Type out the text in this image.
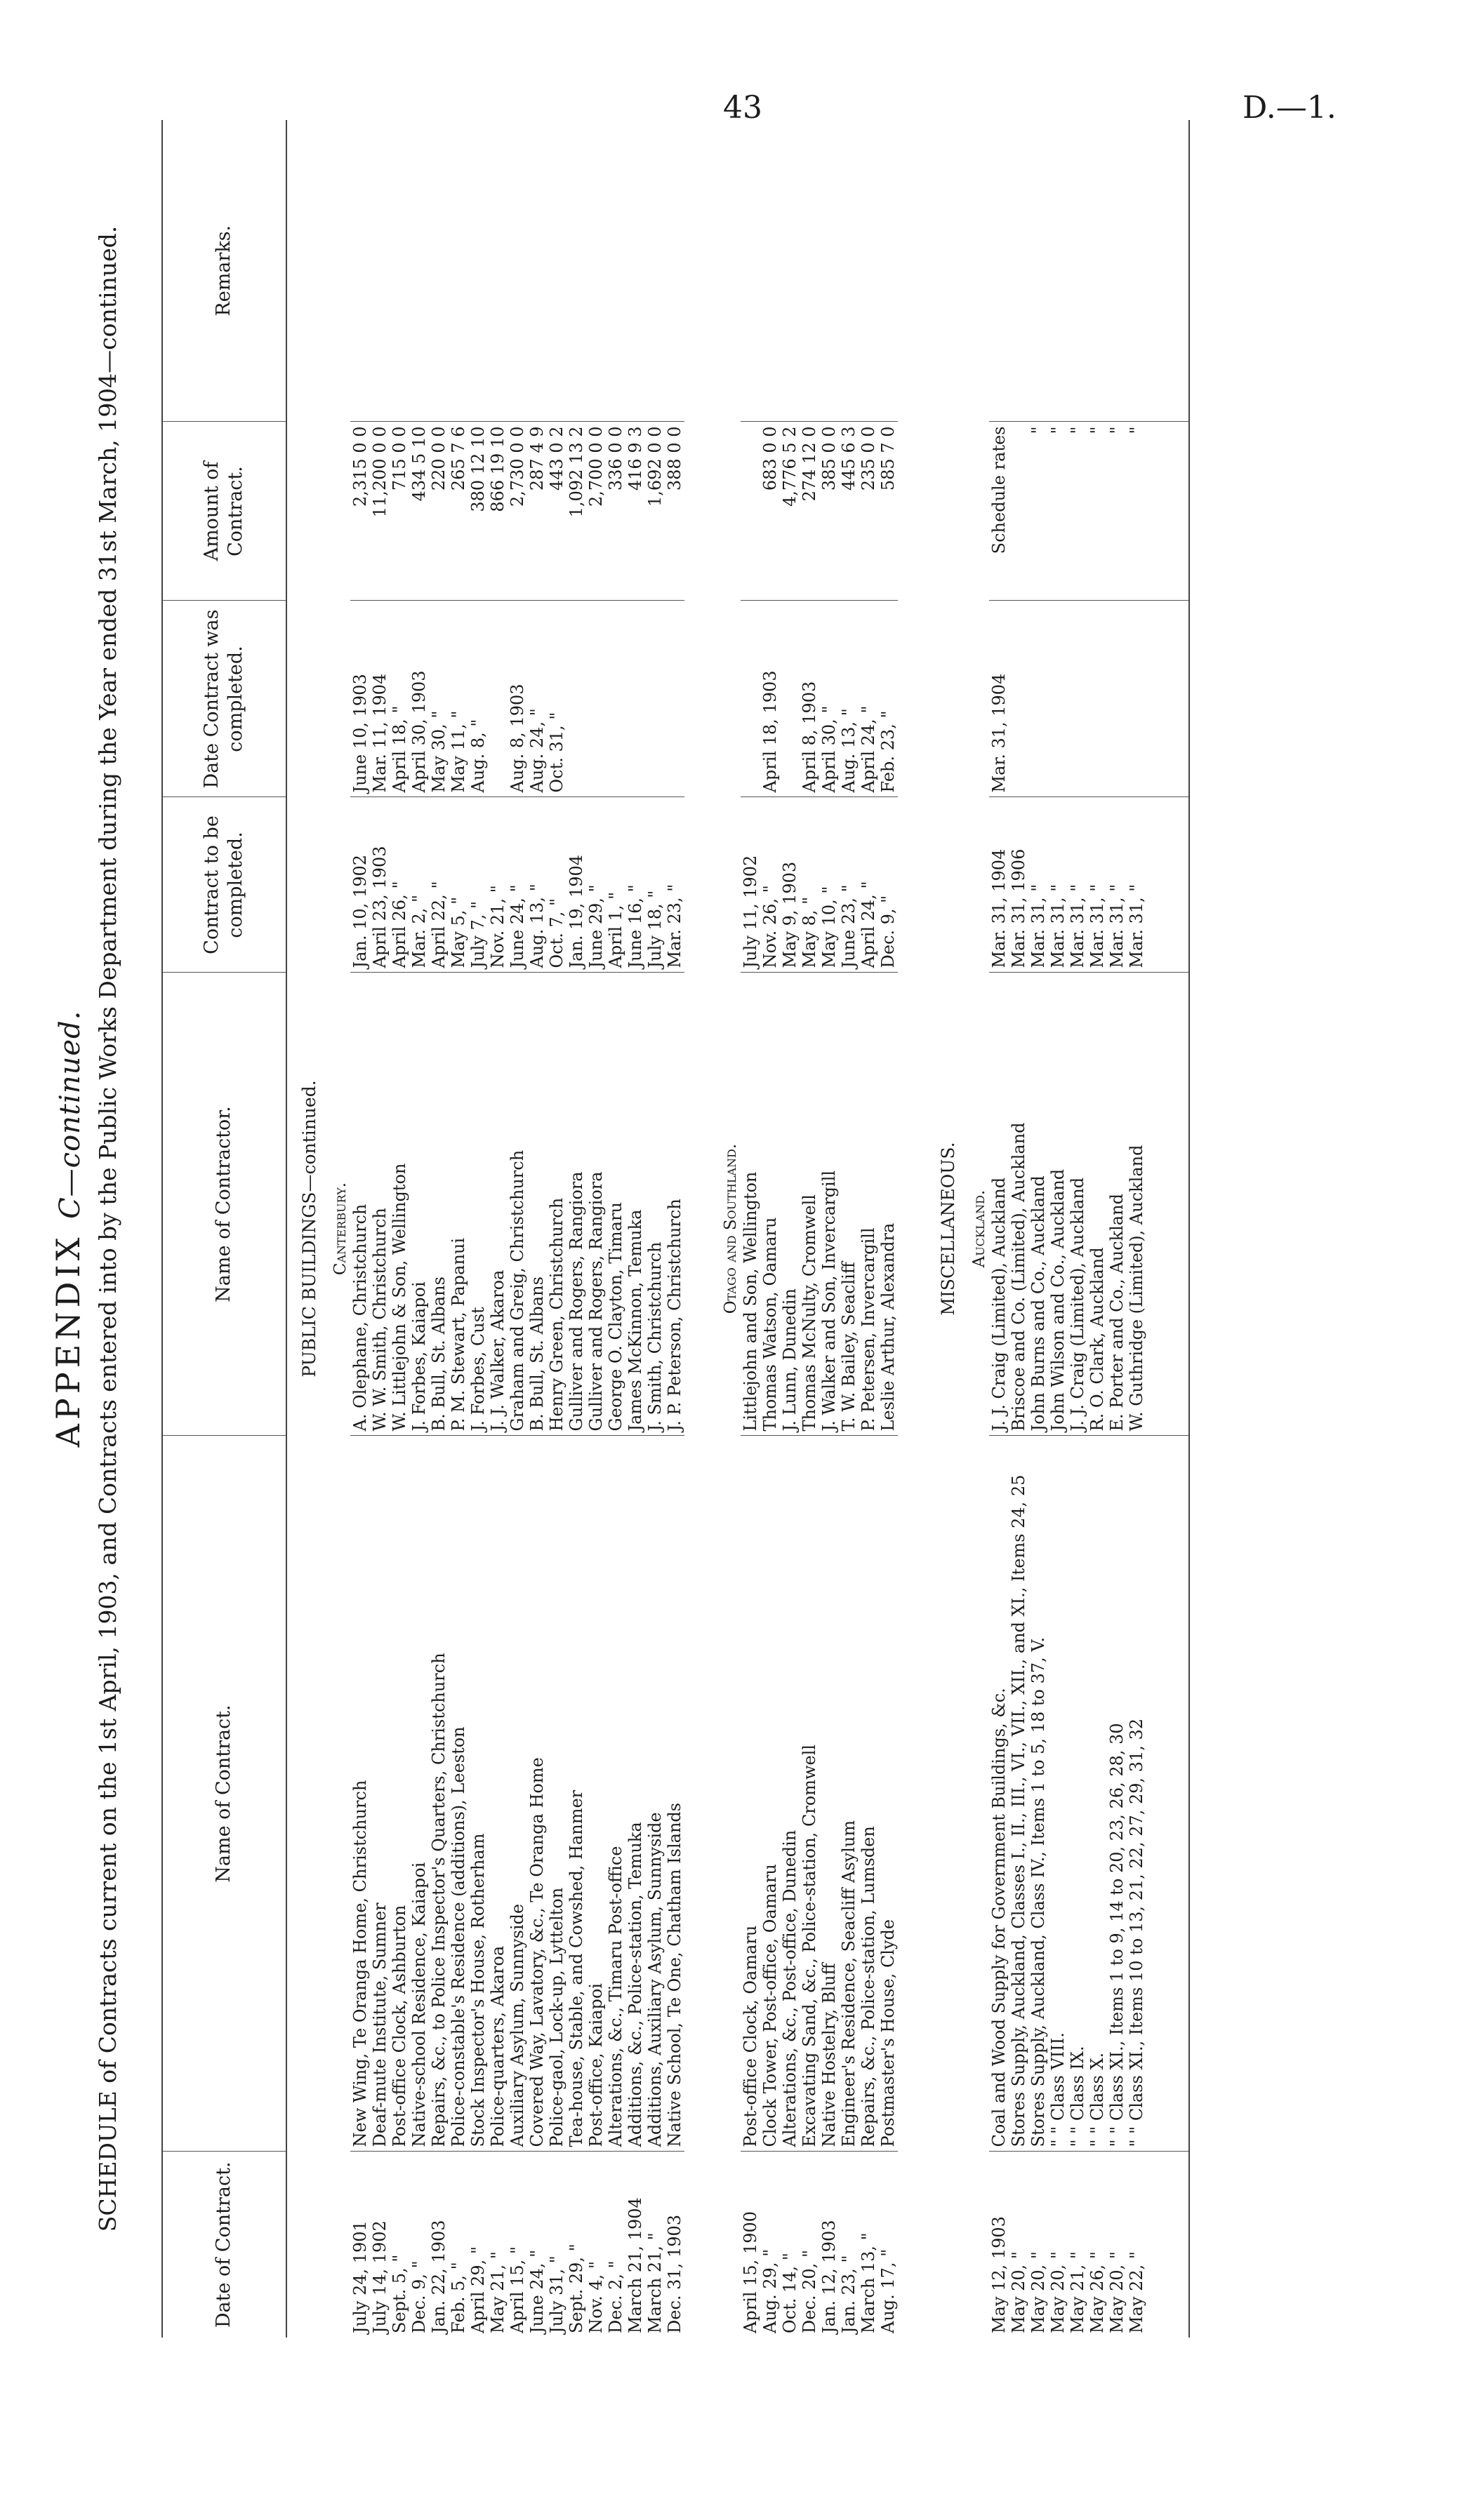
43	D.—1.
APPENDIX C—continued. SCHEDULE of Contracts current on the 1st April, 1903, and Contracts entered into by the Public Works Department during the Year ended 31st March, 1904—continued.
Date of Contract.	Name of Contract.	Name of Contractor.	Contract to be completed.	Date Contract was completed.	Amount of Contract.	Remarks.
PUBLIC BUILDINGS—continued.						
Canterbury.						
July 24, 1901	New Wing, Te Oranga Home, Christchurch	A. Olephane, Christchurch	Jan. 10, 1902	June 10, 1903	2,315 0 0	
July 14, 1902	Deaf-mute Institute, Sumner	W. W. Smith, Christchurch	April 23, 1903	Mar. 11, 1904	11,200 0 0	
Sept. 5, "	Post-office Clock, Ashburton	W. Littlejohn & Son, Wellington	April 26, "	April 18, "	715 0 0	
Dec. 9, "	Native-school Residence, Kaiapoi	J. Forbes, Kaiapoi	Mar. 2, "	April 30, 1903	434 5 10	
Jan. 22, 1903	Repairs, &c., to Police Inspector's Quarters, Christchurch	B. Bull, St. Albans	April 22, "	May 30, "	220 0 0	
Feb. 5, "	Police-constable's Residence (additions), Leeston	P. M. Stewart, Papanui	May 5, "	May 11, "	265 7 6	
April 29, "	Stock Inspector's House, Rotherham	J. Forbes, Cust	July 7, "	Aug. 8, "	380 12 10	
May 21, "	Police-quarters, Akaroa	J. J. Walker, Akaroa	Nov. 21, "		866 19 10	
April 15, "	Auxiliary Asylum, Sunnyside	Graham and Greig, Christchurch	June 24, "	Aug. 8, 1903	2,730 0 0	
June 24, "	Covered Way, Lavatory, &c., Te Oranga Home	B. Bull, St. Albans	Aug. 13, "	Aug. 24, "	287 4 9	
July 31, "	Police-gaol, Lock-up, Lyttelton	Henry Green, Christchurch	Oct. 7, "	Oct. 31, "	443 0 2	
Sept. 29, "	Tea-house, Stable, and Cowshed, Hanmer	Gulliver and Rogers, Rangiora	Jan. 19, 1904		1,092 13 2	
Nov. 4, "	Post-office, Kaiapoi	Gulliver and Rogers, Rangiora	June 29, "		2,700 0 0	
Dec. 2, "	Alterations, &c., Timaru Post-office	George O. Clayton, Timaru	April 1, "		336 0 0	
March 21, 1904	Additions, &c., Police-station, Temuka	James McKinnon, Temuka	June 16, "		416 9 3	
March 21, "	Additions, Auxiliary Asylum, Sunnyside	J. Smith, Christchurch	July 18, "		1,692 0 0	
Dec. 31, 1903	Native School, Te One, Chatham Islands	J. P. Peterson, Christchurch	Mar. 23, "		388 0 0	

Otago and Southland.						
April 15, 1900	Post-office Clock, Oamaru	Littlejohn and Son, Wellington	July 11, 1902			
Aug. 29, "	Clock Tower, Post-office, Oamaru	Thomas Watson, Oamaru	Nov. 26, "	April 18, 1903	683 0 0	
Oct. 14, "	Alterations, &c., Post-office, Dunedin	J. Lunn, Dunedin	May 9, 1903		4,776 5 2	
Dec. 20, "	Excavating Sand, &c., Police-station, Cromwell	Thomas McNulty, Cromwell	May 8, "	April 8, 1903	274 12 0	
Jan. 12, 1903	Native Hostelry, Bluff	J. Walker and Son, Invercargill	May 10, "	April 30, "	385 0 0	
Jan. 23, "	Engineer's Residence, Seacliff Asylum	T. W. Bailey, Seacliff	June 23, "	Aug. 13, "	445 6 3	
March 13, "	Repairs, &c., Police-station, Lumsden	P. Petersen, Invercargill	April 24, "	April 24, "	235 0 0	
Aug. 17, "	Postmaster's House, Clyde	Leslie Arthur, Alexandra	Dec. 9, "	Feb. 23, "	585 7 0	

MISCELLANEOUS.						
Auckland.						
May 12, 1903	Coal and Wood Supply for Government Buildings, &c.	J. J. Craig (Limited), Auckland	Mar. 31, 1904	Mar. 31, 1904	Schedule rates	
May 20, "	Stores Supply, Auckland, Classes I., II., III., VI., VII., XII., and XI., Items 24, 25	Briscoe and Co. (Limited), Auckland	Mar. 31, 1906			
May 20, "	Stores Supply, Auckland, Class IV., Items 1 to 5, 18 to 37, V.	John Burns and Co., Auckland	Mar. 31, "		"	
May 20, "	" " Class VIII.	John Wilson and Co., Auckland	Mar. 31, "		"	
May 21, "	" " Class IX.	J. J. Craig (Limited), Auckland	Mar. 31, "		"	
May 26, "	" " Class X.	R. O. Clark, Auckland	Mar. 31, "		"	
May 20, "	" " Class XI., Items 1 to 9, 14 to 20, 23, 26, 28, 30	E. Porter and Co., Auckland	Mar. 31, "		"	
May 22, "	" " Class XI., Items 10 to 13, 21, 22, 27, 29, 31, 32	W. Guthridge (Limited), Auckland	Mar. 31, "		"	
